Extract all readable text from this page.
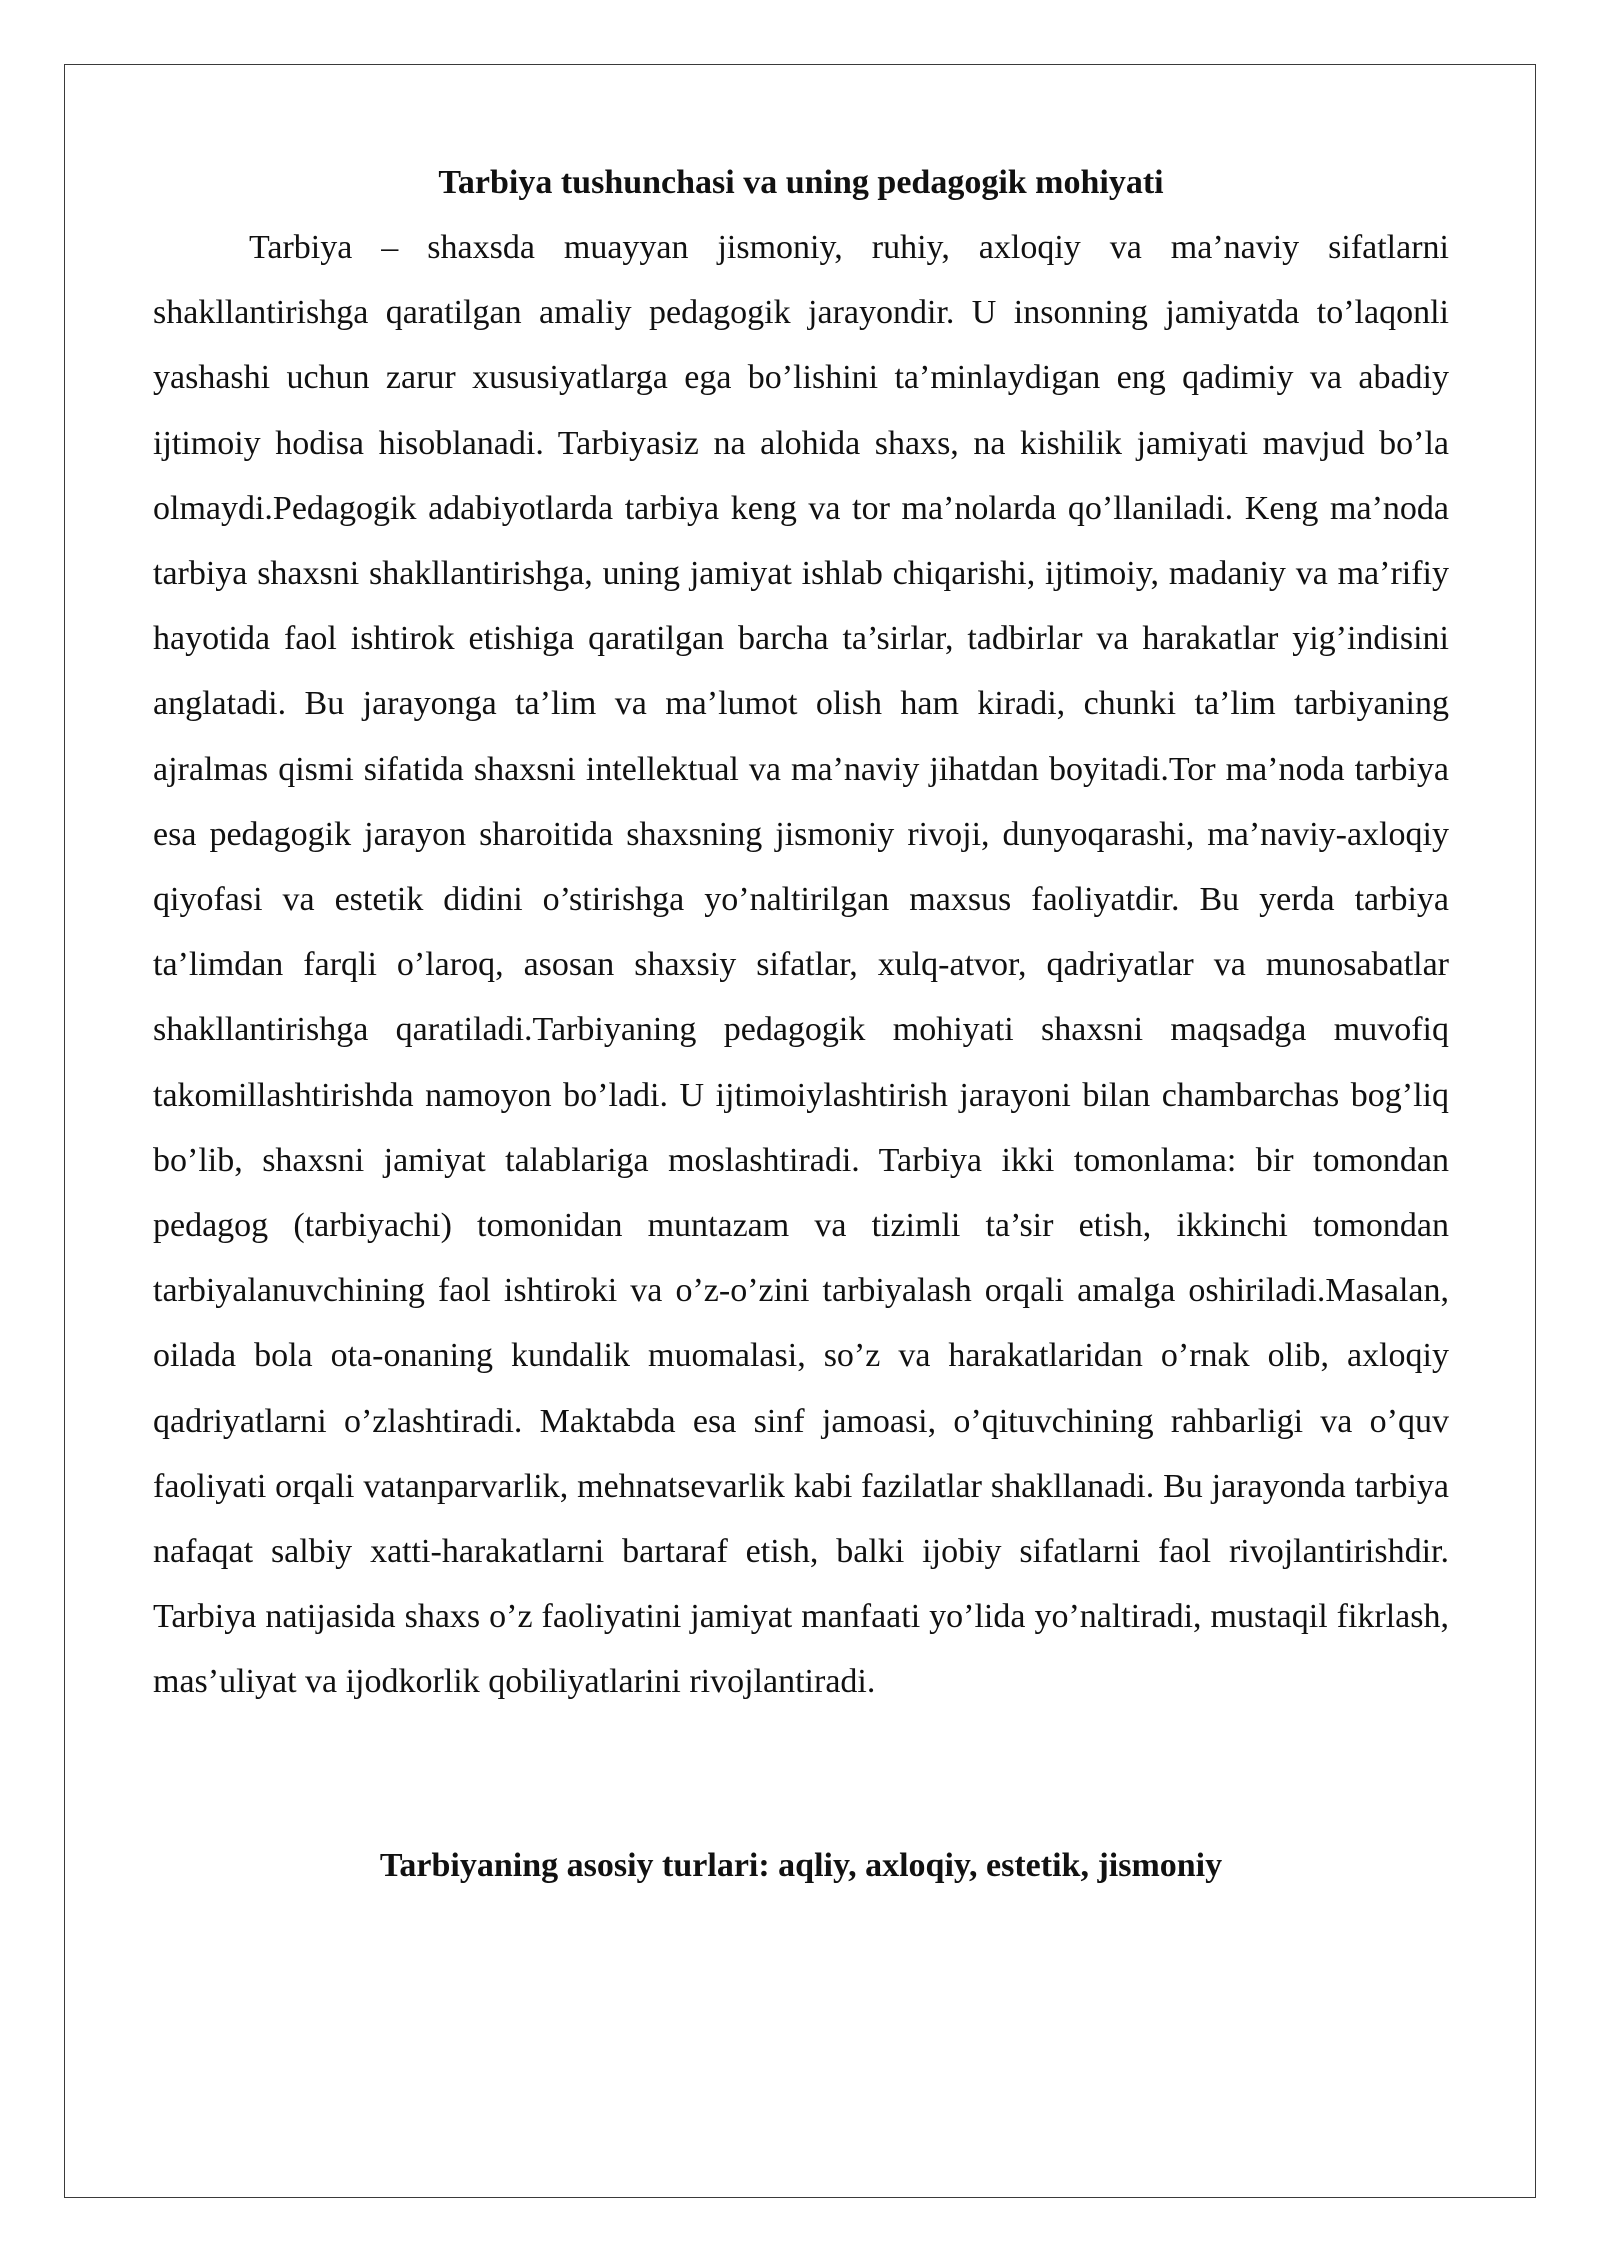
Tarbiya tushunchasi va uning pedagogik mohiyati

Tarbiya – shaxsda muayyan jismoniy, ruhiy, axloqiy va ma’naviy sifatlarni shakllantirishga qaratilgan amaliy pedagogik jarayondir. U insonning jamiyatda to’laqonli yashashi uchun zarur xususiyatlarga ega bo’lishini ta’minlaydigan eng qadimiy va abadiy ijtimoiy hodisa hisoblanadi. Tarbiyasiz na alohida shaxs, na kishilik jamiyati mavjud bo’la olmaydi.Pedagogik adabiyotlarda tarbiya keng va tor ma’nolarda qo’llaniladi. Keng ma’noda tarbiya shaxsni shakllantirishga, uning jamiyat ishlab chiqarishi, ijtimoiy, madaniy va ma’rifiy hayotida faol ishtirok etishiga qaratilgan barcha ta’sirlar, tadbirlar va harakatlar yig’indisini anglatadi. Bu jarayonga ta’lim va ma’lumot olish ham kiradi, chunki ta’lim tarbiyaning ajralmas qismi sifatida shaxsni intellektual va ma’naviy jihatdan boyitadi.Tor ma’noda tarbiya esa pedagogik jarayon sharoitida shaxsning jismoniy rivoji, dunyoqarashi, ma’naviy-axloqiy qiyofasi va estetik didini o’stirishga yo’naltirilgan maxsus faoliyatdir. Bu yerda tarbiya ta’limdan farqli o’laroq, asosan shaxsiy sifatlar, xulq-atvor, qadriyatlar va munosabatlar shakllantirishga qaratiladi.Tarbiyaning pedagogik mohiyati shaxsni maqsadga muvofiq takomillashtirishda namoyon bo’ladi. U ijtimoiylashtirish jarayoni bilan chambarchas bog’liq bo’lib, shaxsni jamiyat talablariga moslashtiradi. Tarbiya ikki tomonlama: bir tomondan pedagog (tarbiyachi) tomonidan muntazam va tizimli ta’sir etish, ikkinchi tomondan tarbiyalanuvchining faol ishtiroki va o’z-o’zini tarbiyalash orqali amalga oshiriladi.Masalan, oilada bola ota-onaning kundalik muomalasi, so’z va harakatlaridan o’rnak olib, axloqiy qadriyatlarni o’zlashtiradi. Maktabda esa sinf jamoasi, o’qituvchining rahbarligi va o’quv faoliyati orqali vatanparvarlik, mehnatsevarlik kabi fazilatlar shakllanadi. Bu jarayonda tarbiya nafaqat salbiy xatti-harakatlarni bartaraf etish, balki ijobiy sifatlarni faol rivojlantirishdir. Tarbiya natijasida shaxs o’z faoliyatini jamiyat manfaati yo’lida yo’naltiradi, mustaqil fikrlash, mas’uliyat va ijodkorlik qobiliyatlarini rivojlantiradi.

Tarbiyaning asosiy turlari: aqliy, axloqiy, estetik, jismoniy
